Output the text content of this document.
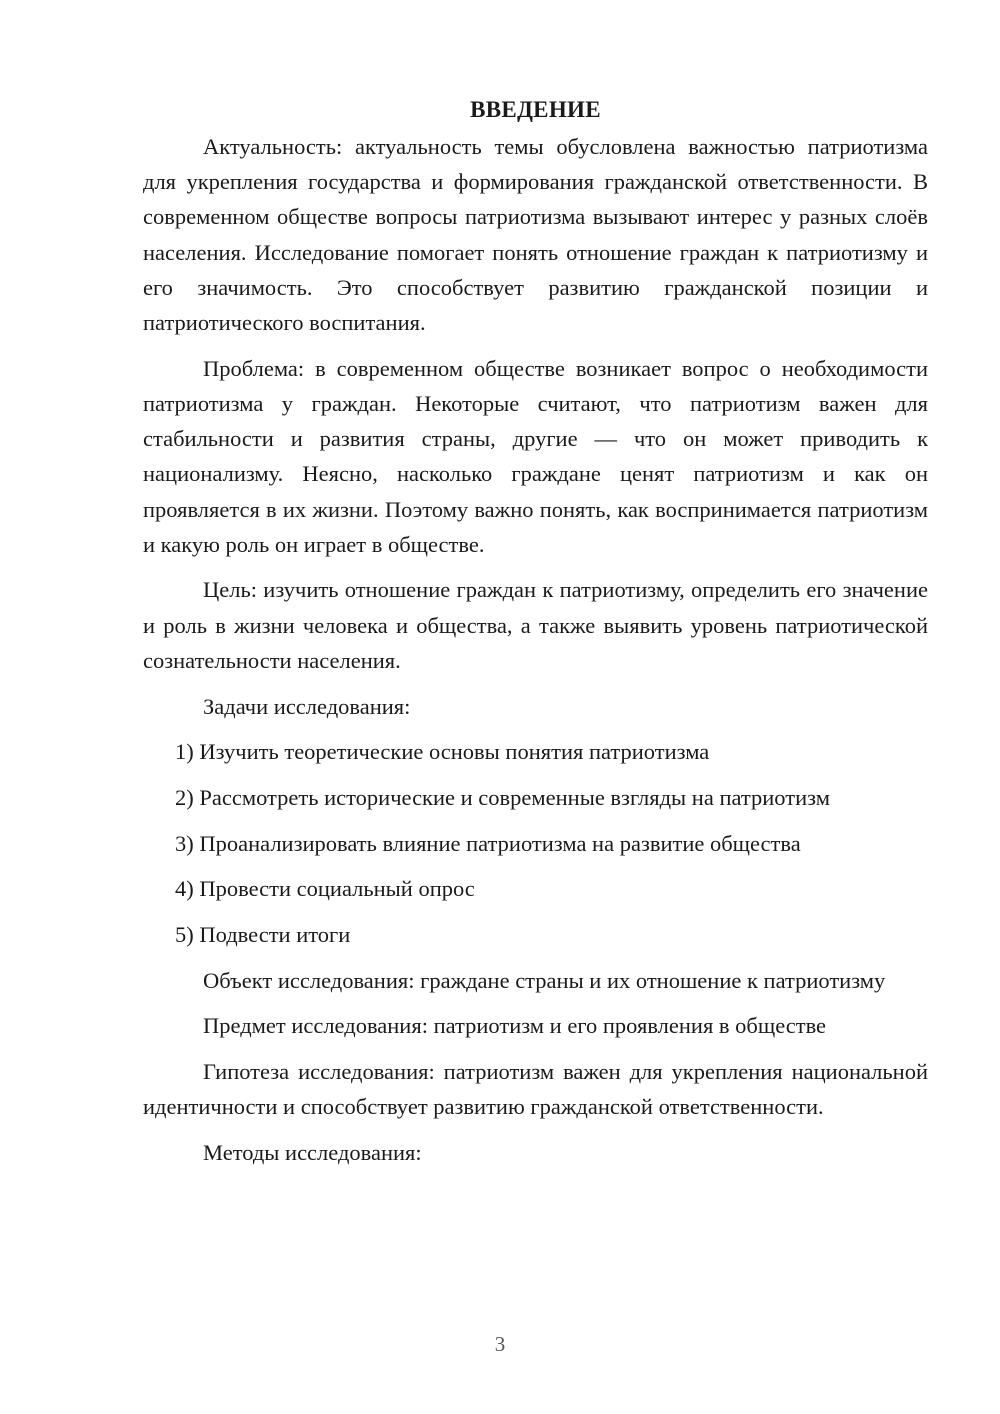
ВВЕДЕНИЕ

Актуальность: актуальность темы обусловлена важностью патриотизма для укрепления государства и формирования гражданской ответственности. В современном обществе вопросы патриотизма вызывают интерес у разных слоёв населения. Исследование помогает понять отношение граждан к патриотизму и его значимость. Это способствует развитию гражданской позиции и патриотического воспитания.

Проблема: в современном обществе возникает вопрос о необходимости патриотизма у граждан. Некоторые считают, что патриотизм важен для стабильности и развития страны, другие — что он может приводить к национализму. Неясно, насколько граждане ценят патриотизм и как он проявляется в их жизни. Поэтому важно понять, как воспринимается патриотизм и какую роль он играет в обществе.

Цель: изучить отношение граждан к патриотизму, определить его значение и роль в жизни человека и общества, а также выявить уровень патриотической сознательности населения.

Задачи исследования:

1) Изучить теоретические основы понятия патриотизма
2) Рассмотреть исторические и современные взгляды на патриотизм
3) Проанализировать влияние патриотизма на развитие общества
4) Провести социальный опрос
5) Подвести итоги

Объект исследования: граждане страны и их отношение к патриотизму

Предмет исследования: патриотизм и его проявления в обществе

Гипотеза исследования: патриотизм важен для укрепления национальной идентичности и способствует развитию гражданской ответственности.

Методы исследования:

3
